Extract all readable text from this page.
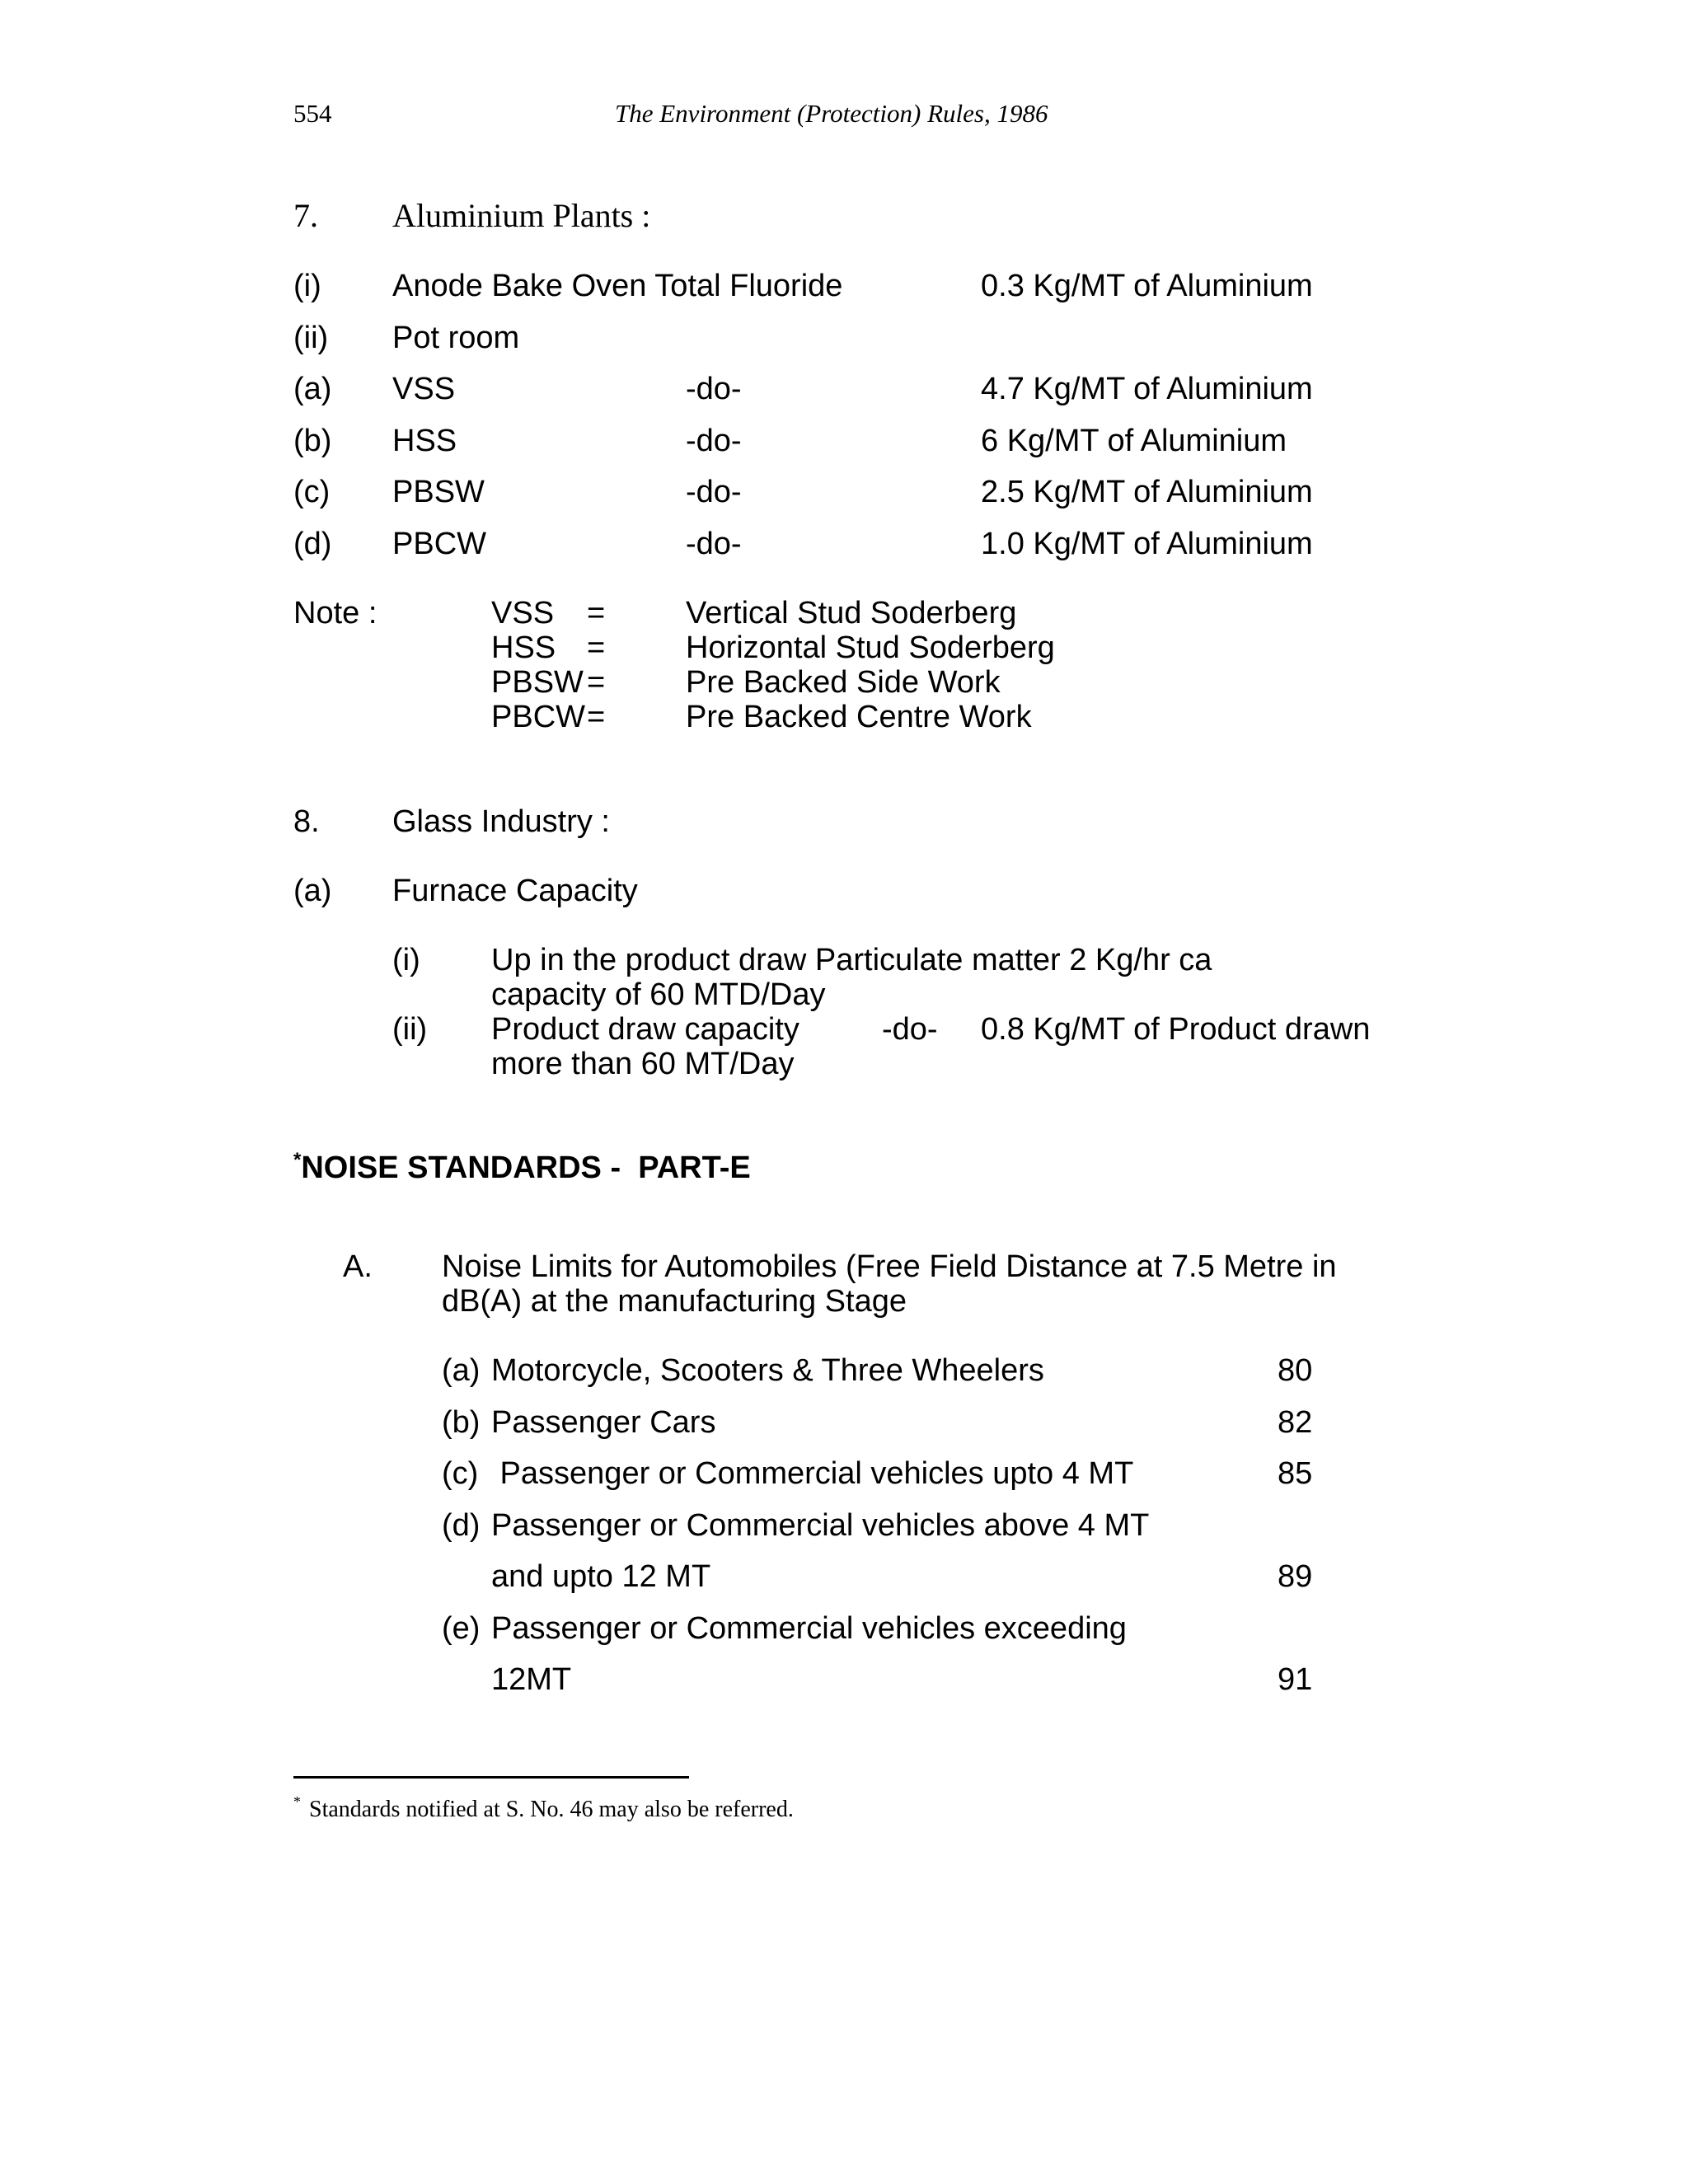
554	The Environment (Protection) Rules, 1986
7. Aluminium Plants :
(i) Anode Bake Oven Total Fluoride	0.3 Kg/MT of Aluminium
(ii) Pot room
(a) VSS	-do-	4.7 Kg/MT of Aluminium
(b) HSS	-do-	6 Kg/MT of Aluminium
(c) PBSW	-do-	2.5 Kg/MT of Aluminium
(d) PBCW	-do-	1.0 Kg/MT of Aluminium
Note :	VSS =	Vertical Stud Soderberg
HSS =	Horizontal Stud Soderberg
PBSW =	Pre Backed Side Work
PBCW =	Pre Backed Centre Work
8. Glass Industry :
(a) Furnace Capacity
(i) Up in the product draw Particulate matter 2 Kg/hr ca
capacity of 60 MTD/Day
(ii) Product draw capacity	-do- 0.8 Kg/MT of Product drawn
more than 60 MT/Day
*NOISE STANDARDS -  PART-E
A. Noise Limits for Automobiles (Free Field Distance at 7.5 Metre in
dB(A) at the manufacturing Stage
(a) Motorcycle, Scooters & Three Wheelers	80
(b) Passenger Cars	82
(c) Passenger or Commercial vehicles upto 4 MT	85
(d) Passenger or Commercial vehicles above 4 MT
and upto 12 MT	89
(e) Passenger or Commercial vehicles exceeding
12MT	91
* Standards notified at S. No. 46 may also be referred.
